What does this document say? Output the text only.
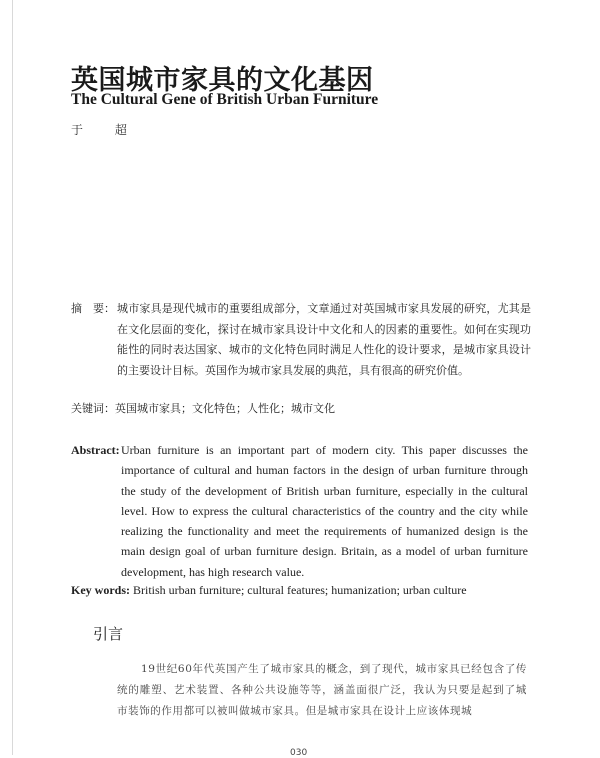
英国城市家具的文化基因
The Cultural Gene of British Urban Furniture
于 超
摘　要： 城市家具是现代城市的重要组成部分，文章通过对英国城市家具发展的研究，尤其是在文化层面的变化，探讨在城市家具设计中文化和人的因素的重要性。如何在实现功能性的同时表达国家、城市的文化特色同时满足人性化的设计要求，是城市家具设计的主要设计目标。英国作为城市家具发展的典范，具有很高的研究价值。
关键词：英国城市家具；文化特色；人性化；城市文化
Abstract: Urban furniture is an important part of modern city. This paper discusses the importance of cultural and human factors in the design of urban furniture through the study of the development of British urban furniture, especially in the cultural level. How to express the cultural characteristics of the country and the city while realizing the functionality and meet the requirements of humanized design is the main design goal of urban furniture design. Britain, as a model of urban furniture development, has high research value.
Key words: British urban furniture; cultural features; humanization; urban culture
引言
19世纪60年代英国产生了城市家具的概念，到了现代，城市家具已经包含了传统的雕塑、艺术装置、各种公共设施等等，涵盖面很广泛，我认为只要是起到了城市装饰的作用都可以被叫做城市家具。但是城市家具在设计上应该体现城
030
